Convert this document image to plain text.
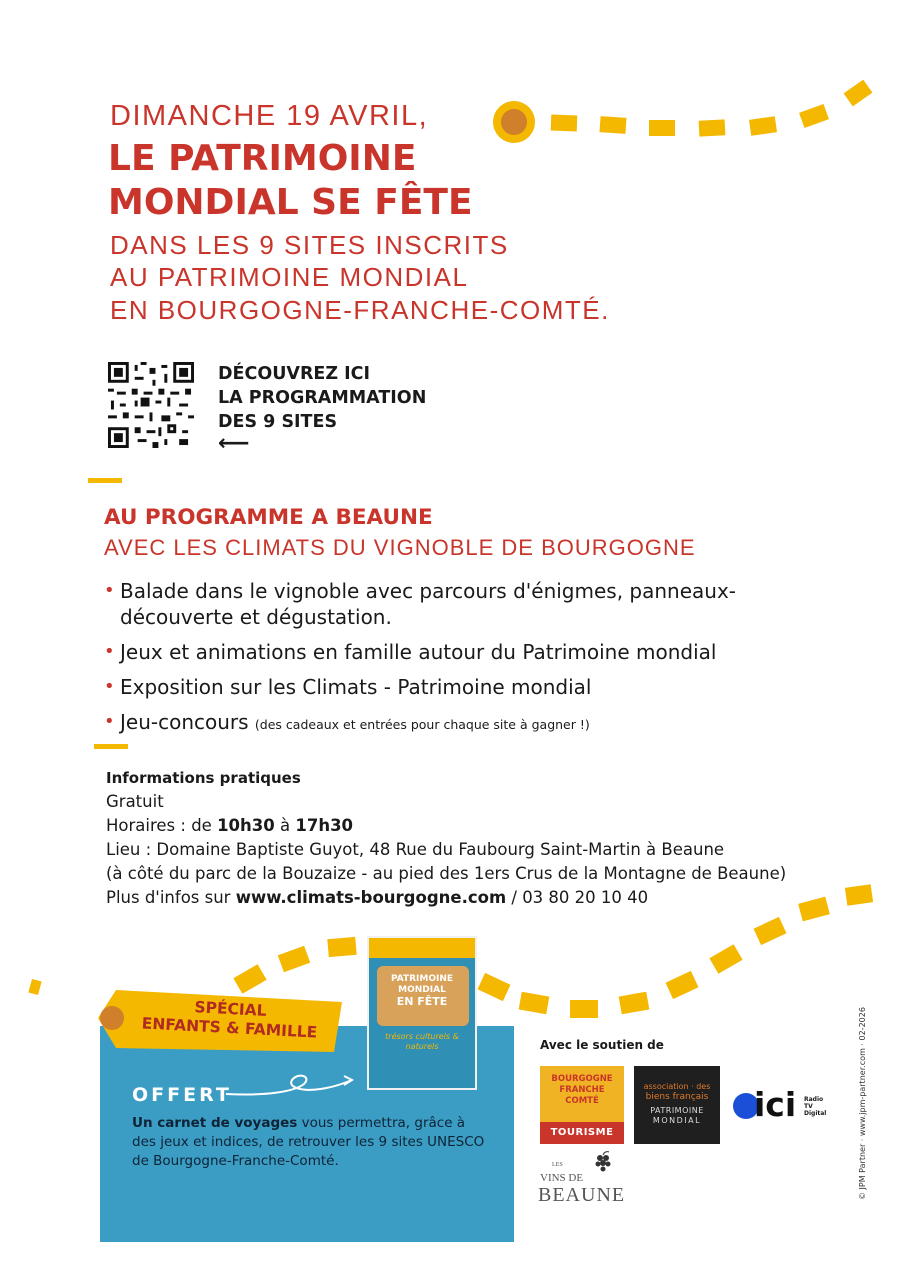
DIMANCHE 19 AVRIL,
LE PATRIMOINE
MONDIAL SE FÊTE
DANS LES 9 SITES INSCRITS
AU PATRIMOINE MONDIAL
EN BOURGOGNE-FRANCHE-COMTÉ.
DÉCOUVREZ ICI
LA PROGRAMMATION
DES 9 SITES
⟵
AU PROGRAMME A BEAUNE
AVEC LES CLIMATS DU VIGNOBLE DE BOURGOGNE
• Balade dans le vignoble avec parcours d'énigmes, panneaux-découverte et dégustation.
• Jeux et animations en famille autour du Patrimoine mondial
• Exposition sur les Climats - Patrimoine mondial
• Jeu-concours (des cadeaux et entrées pour chaque site à gagner !)
Informations pratiques
Gratuit
Horaires : de 10h30 à 17h30
Lieu : Domaine Baptiste Guyot, 48 Rue du Faubourg Saint-Martin à Beaune
(à côté du parc de la Bouzaize - au pied des 1ers Crus de la Montagne de Beaune)
Plus d'infos sur www.climats-bourgogne.com / 03 80 20 10 40
SPÉCIAL
ENFANTS & FAMILLE
OFFERT
Un carnet de voyages vous permettra, grâce à des jeux et indices, de retrouver les 9 sites UNESCO de Bourgogne-Franche-Comté.
PATRIMOINE
MONDIAL
EN FÊTE
trésors culturels & naturels	Avec le soutien de
BOURGOGNE
FRANCHE
COMTÉ
TOURISME
association · des
biens français
PATRIMOINE
MONDIAL	ici Radio
TV
Digital
LES
VINS DE
BEAUNE	© JPM Partner · www.jpm-partner.com · 02-2026
